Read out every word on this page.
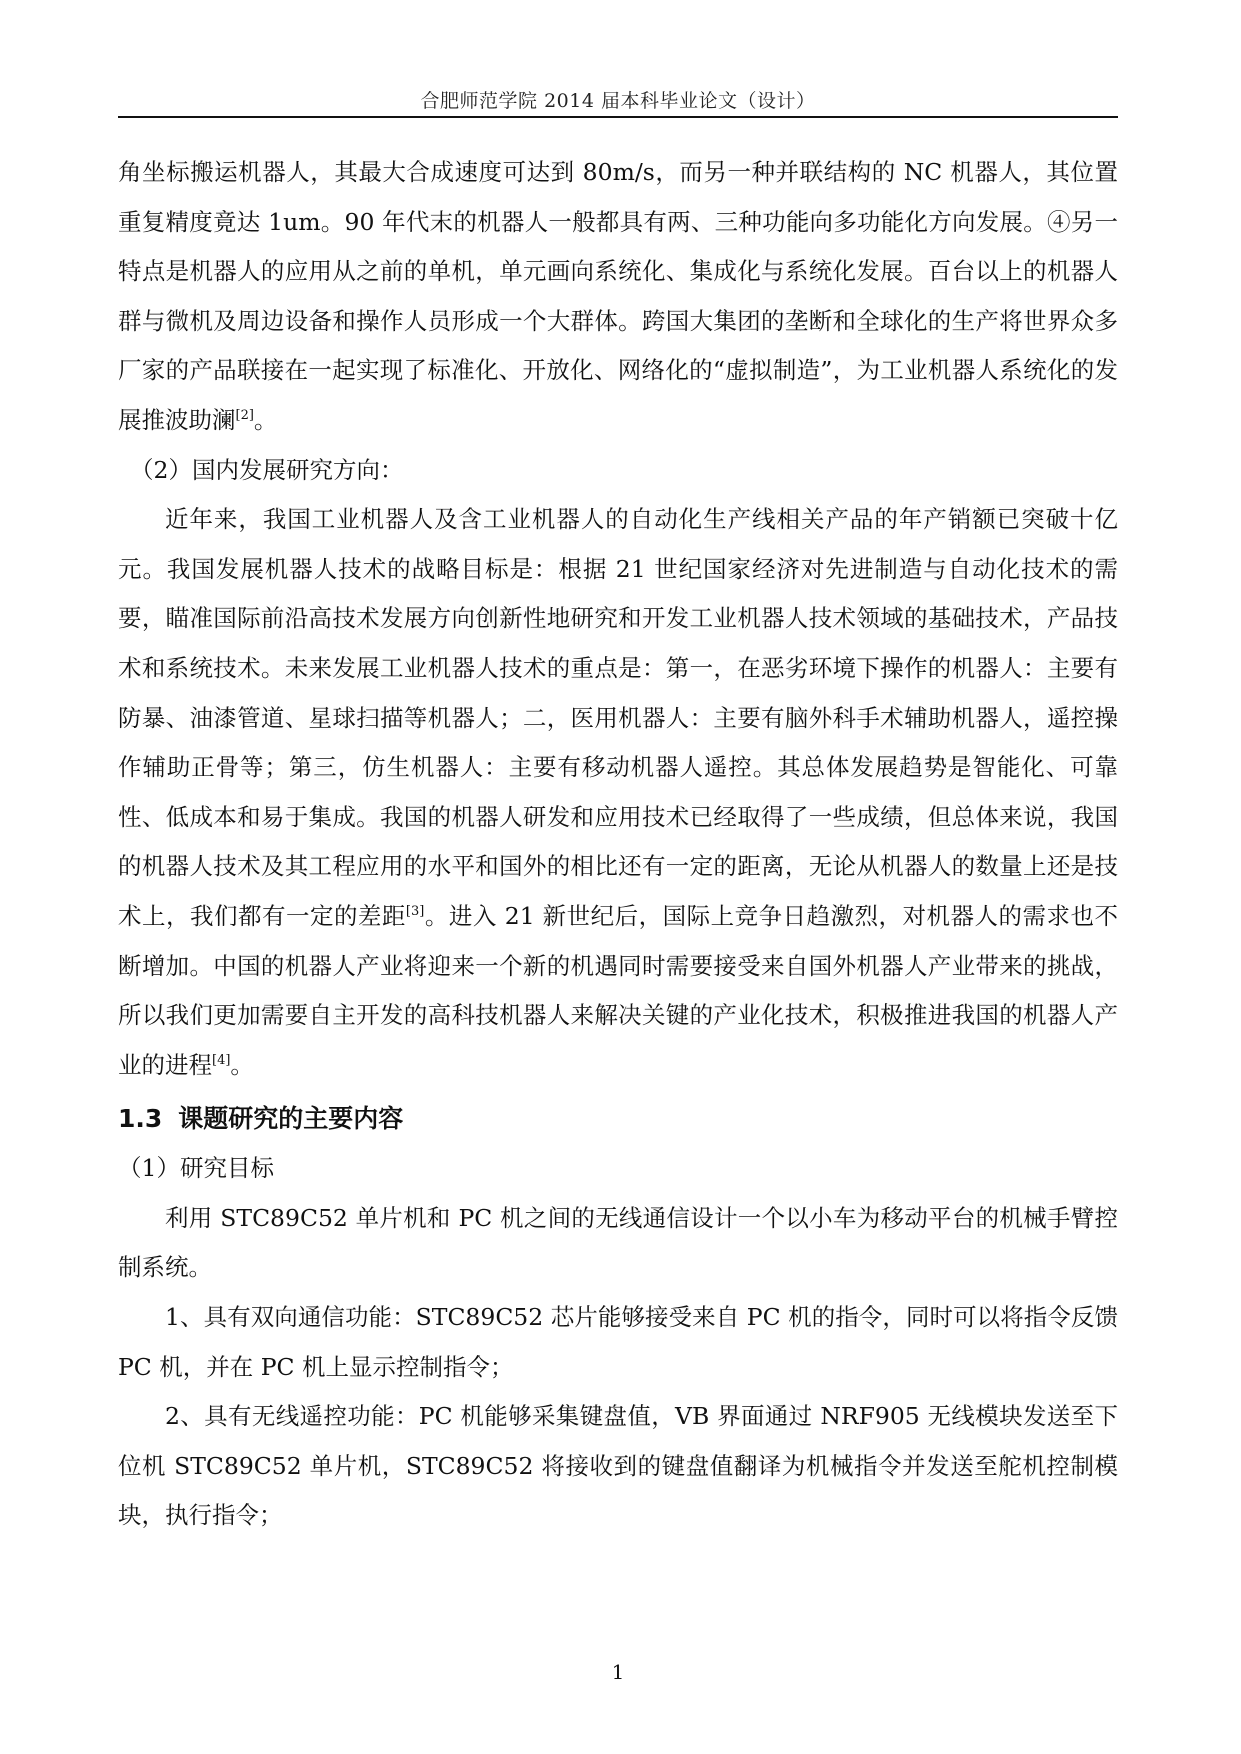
合肥师范学院 2014 届本科毕业论文（设计）

角坐标搬运机器人，其最大合成速度可达到 80m/s，而另一种并联结构的 NC 机器人，其位置重复精度竟达 1um。90 年代末的机器人一般都具有两、三种功能向多功能化方向发展。④另一特点是机器人的应用从之前的单机，单元画向系统化、集成化与系统化发展。百台以上的机器人群与微机及周边设备和操作人员形成一个大群体。跨国大集团的垄断和全球化的生产将世界众多厂家的产品联接在一起实现了标准化、开放化、网络化的“虚拟制造”，为工业机器人系统化的发展推波助澜[2]。

（2）国内发展研究方向：

近年来，我国工业机器人及含工业机器人的自动化生产线相关产品的年产销额已突破十亿元。我国发展机器人技术的战略目标是：根据 21 世纪国家经济对先进制造与自动化技术的需要，瞄准国际前沿高技术发展方向创新性地研究和开发工业机器人技术领域的基础技术，产品技术和系统技术。未来发展工业机器人技术的重点是：第一，在恶劣环境下操作的机器人：主要有防暴、油漆管道、星球扫描等机器人；二，医用机器人：主要有脑外科手术辅助机器人，遥控操作辅助正骨等；第三，仿生机器人：主要有移动机器人遥控。其总体发展趋势是智能化、可靠性、低成本和易于集成。我国的机器人研发和应用技术已经取得了一些成绩，但总体来说，我国的机器人技术及其工程应用的水平和国外的相比还有一定的距离，无论从机器人的数量上还是技术上，我们都有一定的差距[3]。进入 21 新世纪后，国际上竞争日趋激烈，对机器人的需求也不断增加。中国的机器人产业将迎来一个新的机遇同时需要接受来自国外机器人产业带来的挑战，所以我们更加需要自主开发的高科技机器人来解决关键的产业化技术，积极推进我国的机器人产业的进程[4]。

1.3 课题研究的主要内容

（1）研究目标

利用 STC89C52 单片机和 PC 机之间的无线通信设计一个以小车为移动平台的机械手臂控制系统。

1、具有双向通信功能：STC89C52 芯片能够接受来自 PC 机的指令，同时可以将指令反馈 PC 机，并在 PC 机上显示控制指令；

2、具有无线遥控功能：PC 机能够采集键盘值，VB 界面通过 NRF905 无线模块发送至下位机 STC89C52 单片机，STC89C52 将接收到的键盘值翻译为机械指令并发送至舵机控制模块，执行指令；

1
